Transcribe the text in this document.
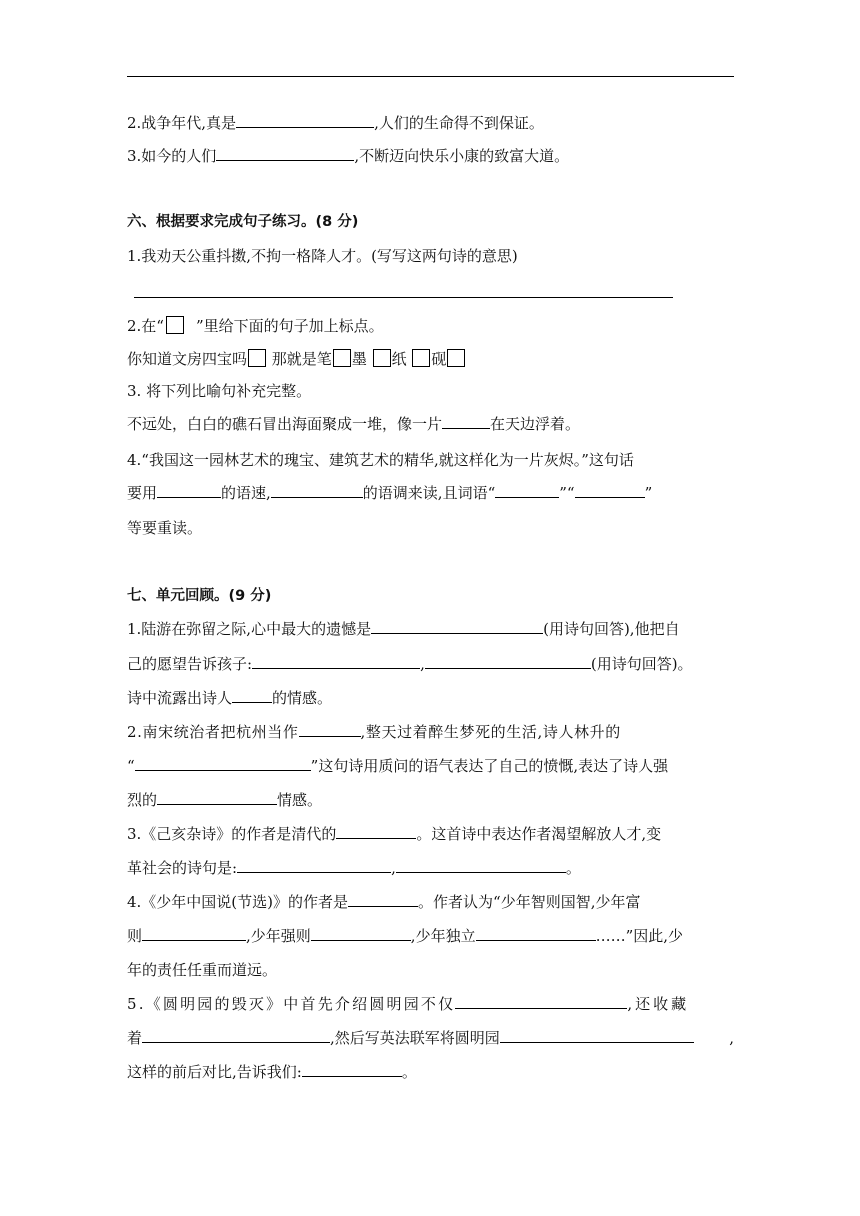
2.战争年代,真是	,人们的生命得不到保证。
3.如今的人们	,不断迈向快乐小康的致富大道。
六、根据要求完成句子练习。(8 分)
1.我劝天公重抖擞,不拘一格降人才。(写写这两句诗的意思)
2.在“ ”里给下面的句子加上标点。
你知道文房四宝吗 那就是笔 墨 纸 砚
3. 将下列比喻句补充完整。
不远处，白白的礁石冒出海面聚成一堆，像一片	在天边浮着。
4.“我国这一园林艺术的瑰宝、建筑艺术的精华,就这样化为一片灰烬。”这句话
要用	的语速,	的语调来读,且词语“	”“	”
等要重读。
七、单元回顾。(9 分)
1.陆游在弥留之际,心中最大的遗憾是	(用诗句回答),他把自
己的愿望告诉孩子:	,	(用诗句回答)。
诗中流露出诗人	的情感。
2.南宋统治者把杭州当作	,整天过着醉生梦死的生活,诗人林升的
“	”这句诗用质问的语气表达了自己的愤慨,表达了诗人强
烈的	情感。
3.《己亥杂诗》的作者是清代的	。这首诗中表达作者渴望解放人才,变
革社会的诗句是:	,	。
4.《少年中国说(节选)》的作者是	。作者认为“少年智则国智,少年富
则	,少年强则	,少年独立	……”因此,少
年的责任任重而道远。
5.《圆明园的毁灭》中首先介绍圆明园不仅	,还收藏
着	,然后写英法联军将圆明园	,
这样的前后对比,告诉我们:	。
